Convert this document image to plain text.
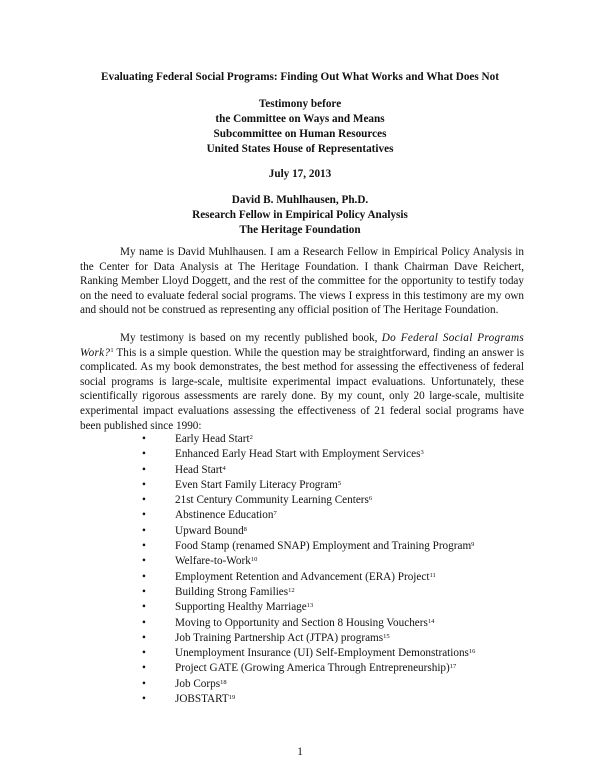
Evaluating Federal Social Programs: Finding Out What Works and What Does Not
Testimony before
the Committee on Ways and Means
Subcommittee on Human Resources
United States House of Representatives
July 17, 2013
David B. Muhlhausen, Ph.D.
Research Fellow in Empirical Policy Analysis
The Heritage Foundation
My name is David Muhlhausen. I am a Research Fellow in Empirical Policy Analysis in the Center for Data Analysis at The Heritage Foundation. I thank Chairman Dave Reichert, Ranking Member Lloyd Doggett, and the rest of the committee for the opportunity to testify today on the need to evaluate federal social programs. The views I express in this testimony are my own and should not be construed as representing any official position of The Heritage Foundation.
My testimony is based on my recently published book, Do Federal Social Programs Work?$^1$ This is a simple question. While the question may be straightforward, finding an answer is complicated. As my book demonstrates, the best method for assessing the effectiveness of federal social programs is large-scale, multisite experimental impact evaluations. Unfortunately, these scientifically rigorous assessments are rarely done. By my count, only 20 large-scale, multisite experimental impact evaluations assessing the effectiveness of 21 federal social programs have been published since 1990:
•	Early Head Start$^2$
•	Enhanced Early Head Start with Employment Services$^3$
•	Head Start$^4$
•	Even Start Family Literacy Program$^5$
•	21st Century Community Learning Centers$^6$
•	Abstinence Education$^7$
•	Upward Bound$^8$
•	Food Stamp (renamed SNAP) Employment and Training Program$^9$
•	Welfare-to-Work$^{10}$
•	Employment Retention and Advancement (ERA) Project$^{11}$
•	Building Strong Families$^{12}$
•	Supporting Healthy Marriage$^{13}$
•	Moving to Opportunity and Section 8 Housing Vouchers$^{14}$
•	Job Training Partnership Act (JTPA) programs$^{15}$
•	Unemployment Insurance (UI) Self-Employment Demonstrations$^{16}$
•	Project GATE (Growing America Through Entrepreneurship)$^{17}$
•	Job Corps$^{18}$
•	JOBSTART$^{19}$
1
